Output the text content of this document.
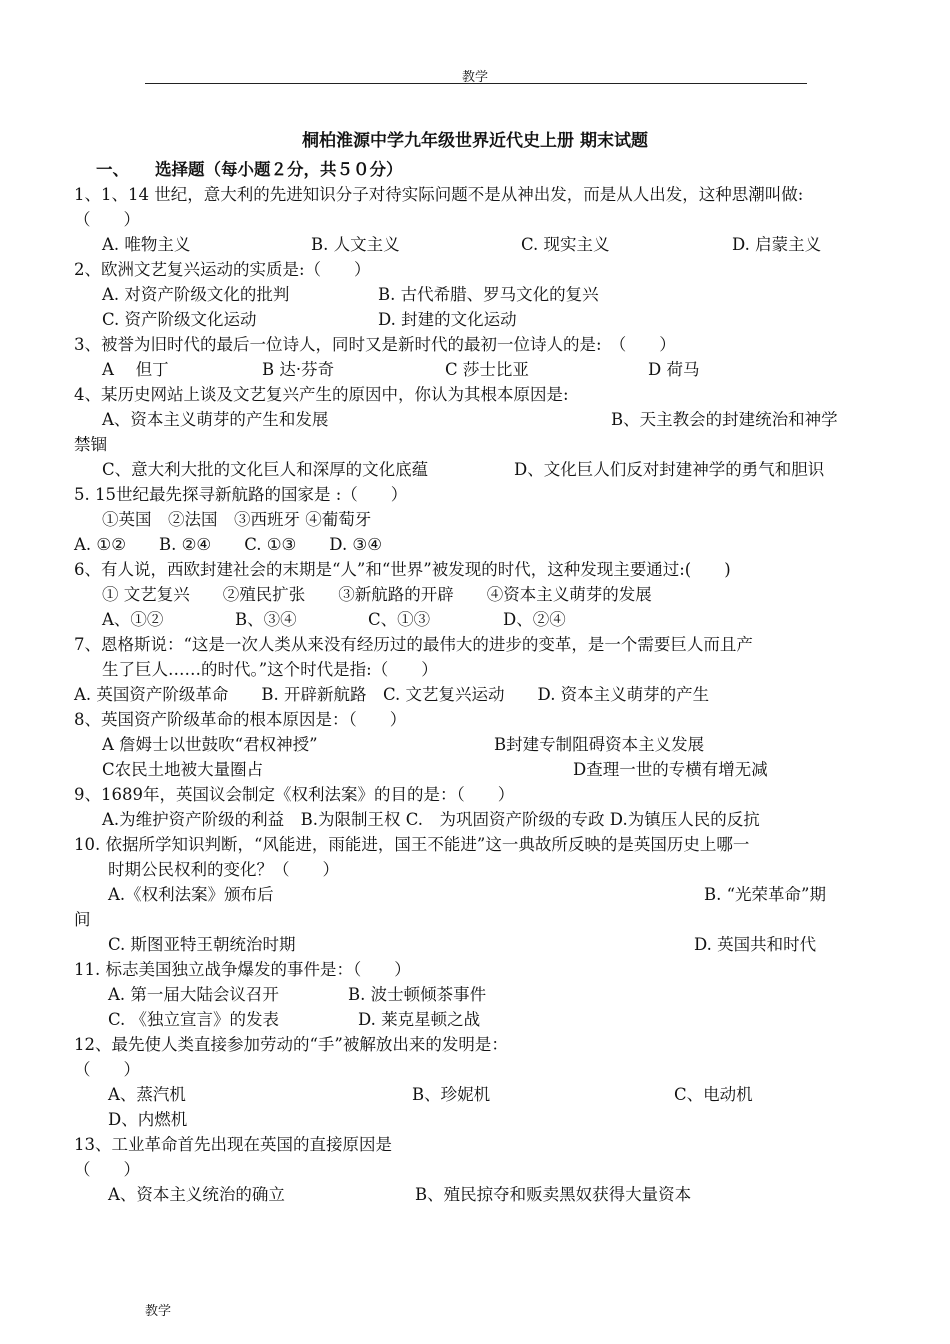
教学
桐柏淮源中学九年级世界近代史上册 期末试题
一、 选择题（每小题２分，共５０分）
1、1、14 世纪，意大利的先进知识分子对待实际问题不是从神出发，而是从人出发，这种思潮叫做:
（　　）
A. 唯物主义	B. 人文主义	C. 现实主义	D. 启蒙主义
2、欧洲文艺复兴运动的实质是:（　　）
A. 对资产阶级文化的批判	B. 古代希腊、罗马文化的复兴
C. 资产阶级文化运动	D. 封建的文化运动
3、被誉为旧时代的最后一位诗人，同时又是新时代的最初一位诗人的是:　（　　）
A　 但丁	B 达·芬奇	C 莎士比亚	D 荷马
4、某历史网站上谈及文艺复兴产生的原因中，你认为其根本原因是:
A、资本主义萌芽的产生和发展	B、天主教会的封建统治和神学
禁锢
C、意大利大批的文化巨人和深厚的文化底蕴	D、文化巨人们反对封建神学的勇气和胆识
5. 15世纪最先探寻新航路的国家是 :（　　）
①英国　②法国　③西班牙 ④葡萄牙
A. ①②　　B. ②④　　C. ①③　　D. ③④
6、有人说，西欧封建社会的末期是“人”和“世界”被发现的时代，这种发现主要通过:(　　)
① 文艺复兴　　②殖民扩张　　③新航路的开辟　　④资本主义萌芽的发展
A、①②	B、③④	C、①③	D、②④
7、恩格斯说：“这是一次人类从来没有经历过的最伟大的进步的变革，是一个需要巨人而且产
生了巨人……的时代。”这个时代是指:（　　）
A. 英国资产阶级革命　　B. 开辟新航路　C. 文艺复兴运动　　D. 资本主义萌芽的产生
8、英国资产阶级革命的根本原因是：（　　）
A 詹姆士以世鼓吹“君权神授”	B封建专制阻碍资本主义发展
C农民土地被大量圈占	D查理一世的专横有增无减
9、1689年，英国议会制定《权利法案》的目的是：（　　）
A.为维护资产阶级的利益　B.为限制王权 C.　为巩固资产阶级的专政 D.为镇压人民的反抗
10. 依据所学知识判断，“风能进，雨能进，国王不能进”这一典故所反映的是英国历史上哪一
时期公民权利的变化？（　　）
A.《权利法案》颁布后	B. “光荣革命”期
间
C. 斯图亚特王朝统治时期	D. 英国共和时代
11. 标志美国独立战争爆发的事件是：（　　）
A. 第一届大陆会议召开	B. 波士顿倾茶事件
C. 《独立宣言》的发表	D. 莱克星顿之战
12、最先使人类直接参加劳动的“手”被解放出来的发明是：
（　　）
A、蒸汽机	B、珍妮机	C、电动机
D、内燃机
13、工业革命首先出现在英国的直接原因是
（　　）
A、资本主义统治的确立	B、殖民掠夺和贩卖黑奴获得大量资本
教学
